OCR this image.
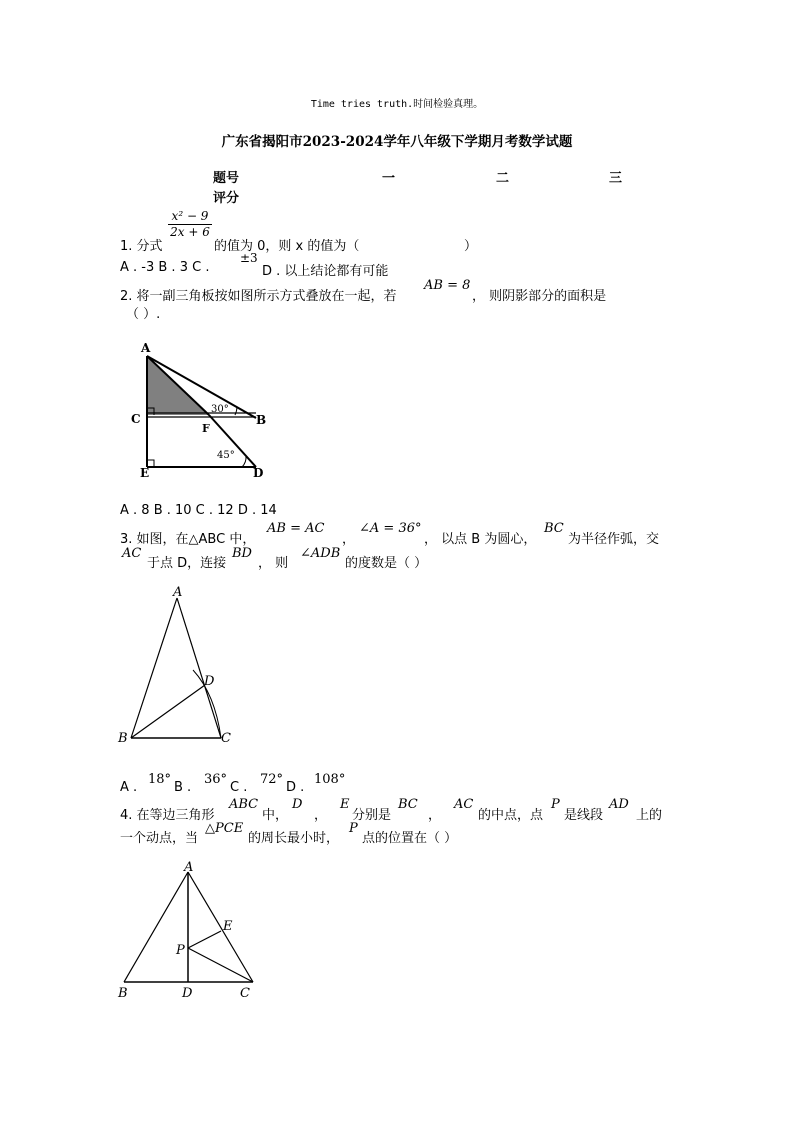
Time tries truth.时间检验真理。
广东省揭阳市2023-2024学年八年级下学期月考数学试题
题号	一	二	三
评分
$\frac{\text{x² − 9}}{2x + 6}$
1. 分式	的值为 0，则 x 的值为（	）
A . -3 B . 3 C .
±3
D . 以上结论都有可能
2. 将一副三角板按如图所示方式叠放在一起，若
AB = 8
， 则阴影部分的面积是
（ ）.
A
B
C
D
E
F
30°
45°
A . 8 B . 10 C . 12 D . 14
3. 如图，在△ABC 中，
AB = AC
，
∠A = 36°
， 以点 B 为圆心，
BC
为半径作弧，交
AC
于点 D，连接
BD
， 则
∠ADB
的度数是（ ）
A
B	C
D
A .
18°
B .
36°
C .
72°
D .
108°
4. 在等边三角形
ABC
中，
D
，
E
分别是
BC
，
AC
的中点，点
P
是线段
AD
上的
一个动点，当
△PCE
的周长最小时，
P
点的位置在（ ）
A
B	C
D
E
P
